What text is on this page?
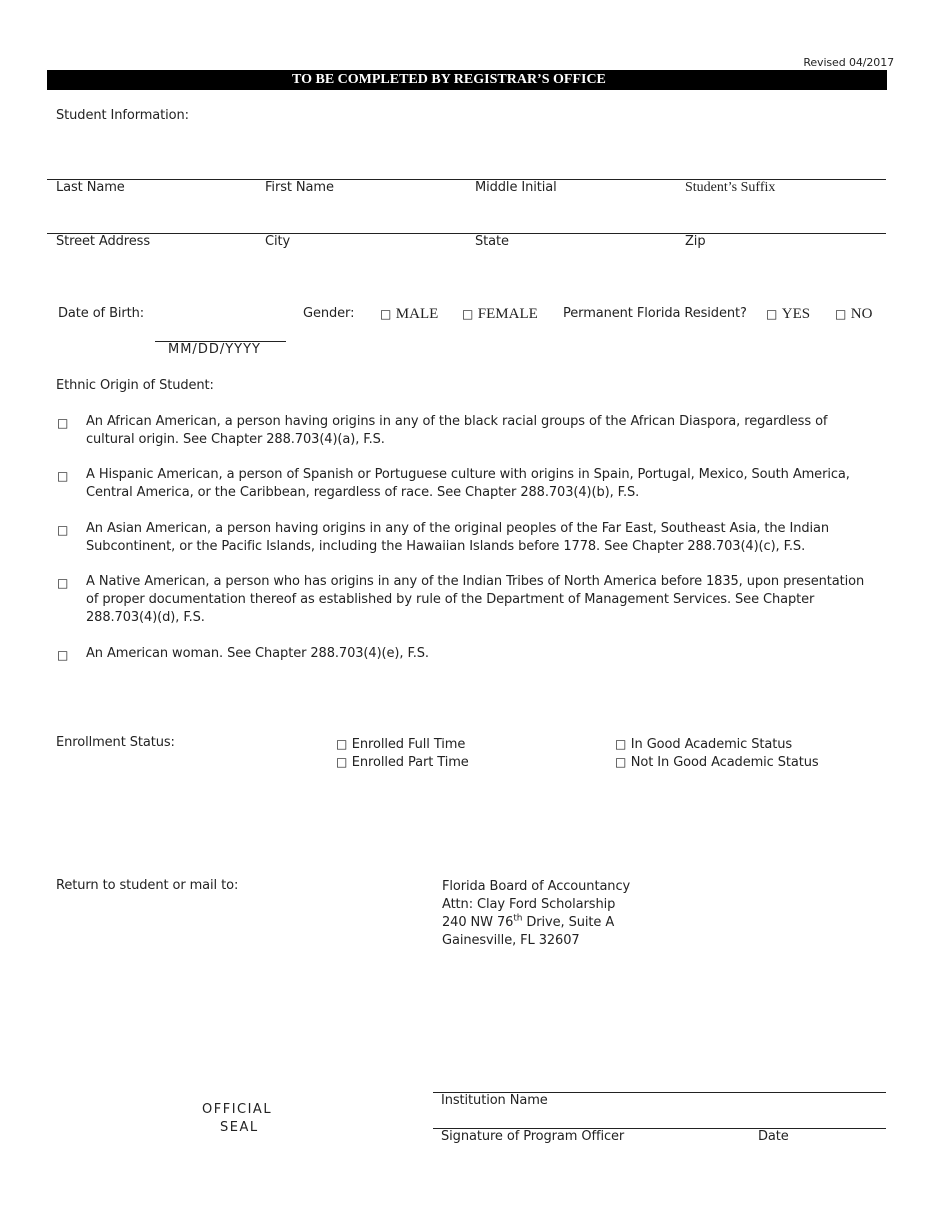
Revised 04/2017
TO BE COMPLETED BY REGISTRAR’S OFFICE
Student Information:
Last Name	First Name	Middle Initial	Student’s Suffix
Street Address	City	State	Zip
Date of Birth:
MM/DD/YYYY
Gender: □ MALE □ FEMALE Permanent Florida Resident? □ YES □ NO
Ethnic Origin of Student:
□ An African American, a person having origins in any of the black racial groups of the African Diaspora, regardless of cultural origin. See Chapter 288.703(4)(a), F.S.
□ A Hispanic American, a person of Spanish or Portuguese culture with origins in Spain, Portugal, Mexico, South America, Central America, or the Caribbean, regardless of race. See Chapter 288.703(4)(b), F.S.
□ An Asian American, a person having origins in any of the original peoples of the Far East, Southeast Asia, the Indian Subcontinent, or the Pacific Islands, including the Hawaiian Islands before 1778. See Chapter 288.703(4)(c), F.S.
□ A Native American, a person who has origins in any of the Indian Tribes of North America before 1835, upon presentation of proper documentation thereof as established by rule of the Department of Management Services. See Chapter 288.703(4)(d), F.S.
□ An American woman. See Chapter 288.703(4)(e), F.S.
Enrollment Status:	□ Enrolled Full Time
□ Enrolled Part Time
□ In Good Academic Status
□ Not In Good Academic Status
Return to student or mail to:	Florida Board of Accountancy
Attn: Clay Ford Scholarship
240 NW 76th Drive, Suite A
Gainesville, FL 32607
OFFICIAL
SEAL
Institution Name
Signature of Program Officer	Date
